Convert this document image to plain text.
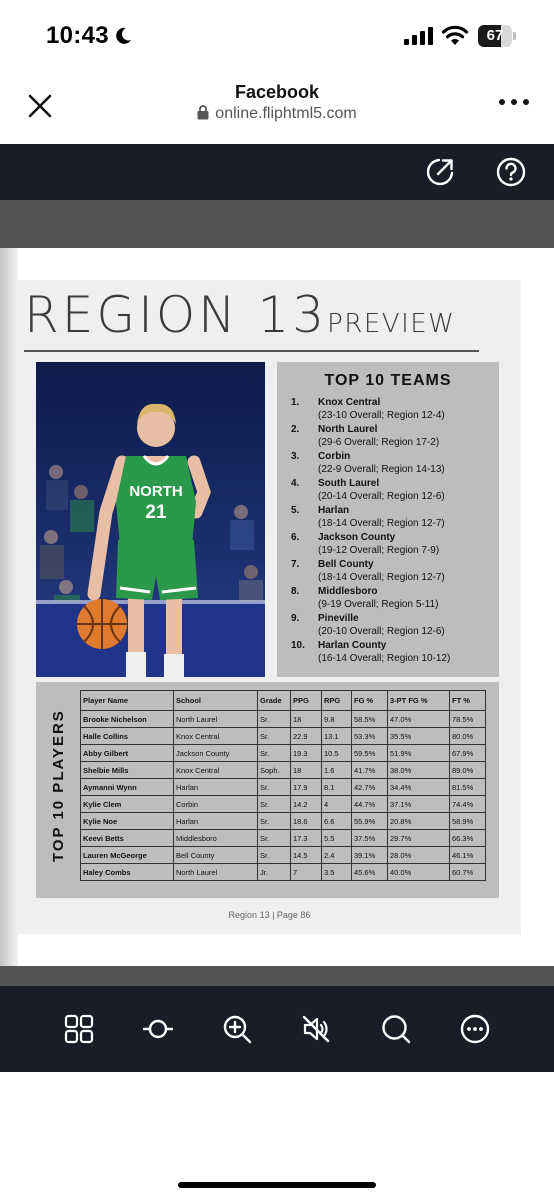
10:43	67
Facebook
online.fliphtml5.com
REGION 13PREVIEW
NORTH
21
TOP 10 TEAMS
1. Knox Central
(23-10 Overall; Region 12-4)
2. North Laurel
(29-6 Overall; Region 17-2)
3. Corbin
(22-9 Overall; Region 14-13)
4. South Laurel
(20-14 Overall; Region 12-6)
5. Harlan
(18-14 Overall; Region 12-7)
6. Jackson County
(19-12 Overall; Region 7-9)
7. Bell County
(18-14 Overall; Region 12-7)
8. Middlesboro
(9-19 Overall; Region 5-11)
9. Pineville
(20-10 Overall; Region 12-6)
10. Harlan County
(16-14 Overall; Region 10-12)
TOP 10 PLAYERS
Player Name	School	Grade	PPG	RPG	FG %	3-PT FG %	FT %
Brooke Nichelson	North Laurel	Sr.	18	9.8	58.5%	47.0%	78.5%
Halle Collins	Knox Central	Sr.	22.9	13.1	53.3%	35.5%	80.0%
Abby Gilbert	Jackson County	Sr.	19.3	10.5	59.5%	51.9%	67.9%
Shelbie Mills	Knox Central	Soph.	18	1.6	41.7%	38.0%	89.0%
Aymanni Wynn	Harlan	Sr.	17.9	8.1	42.7%	34.4%	81.5%
Kylie Clem	Corbin	Sr.	14.2	4	44.7%	37.1%	74.4%
Kylie Noe	Harlan	Sr.	18.6	6.6	55.9%	20.8%	58.9%
Keevi Betts	Middlesboro	Sr.	17.3	5.5	37.5%	29.7%	66.3%
Lauren McGeorge	Bell County	Sr.	14.5	2.4	39.1%	28.0%	46.1%
Haley Combs	North Laurel	Jr.	7	3.5	45.6%	40.0%	60.7%
Region 13 | Page 86
